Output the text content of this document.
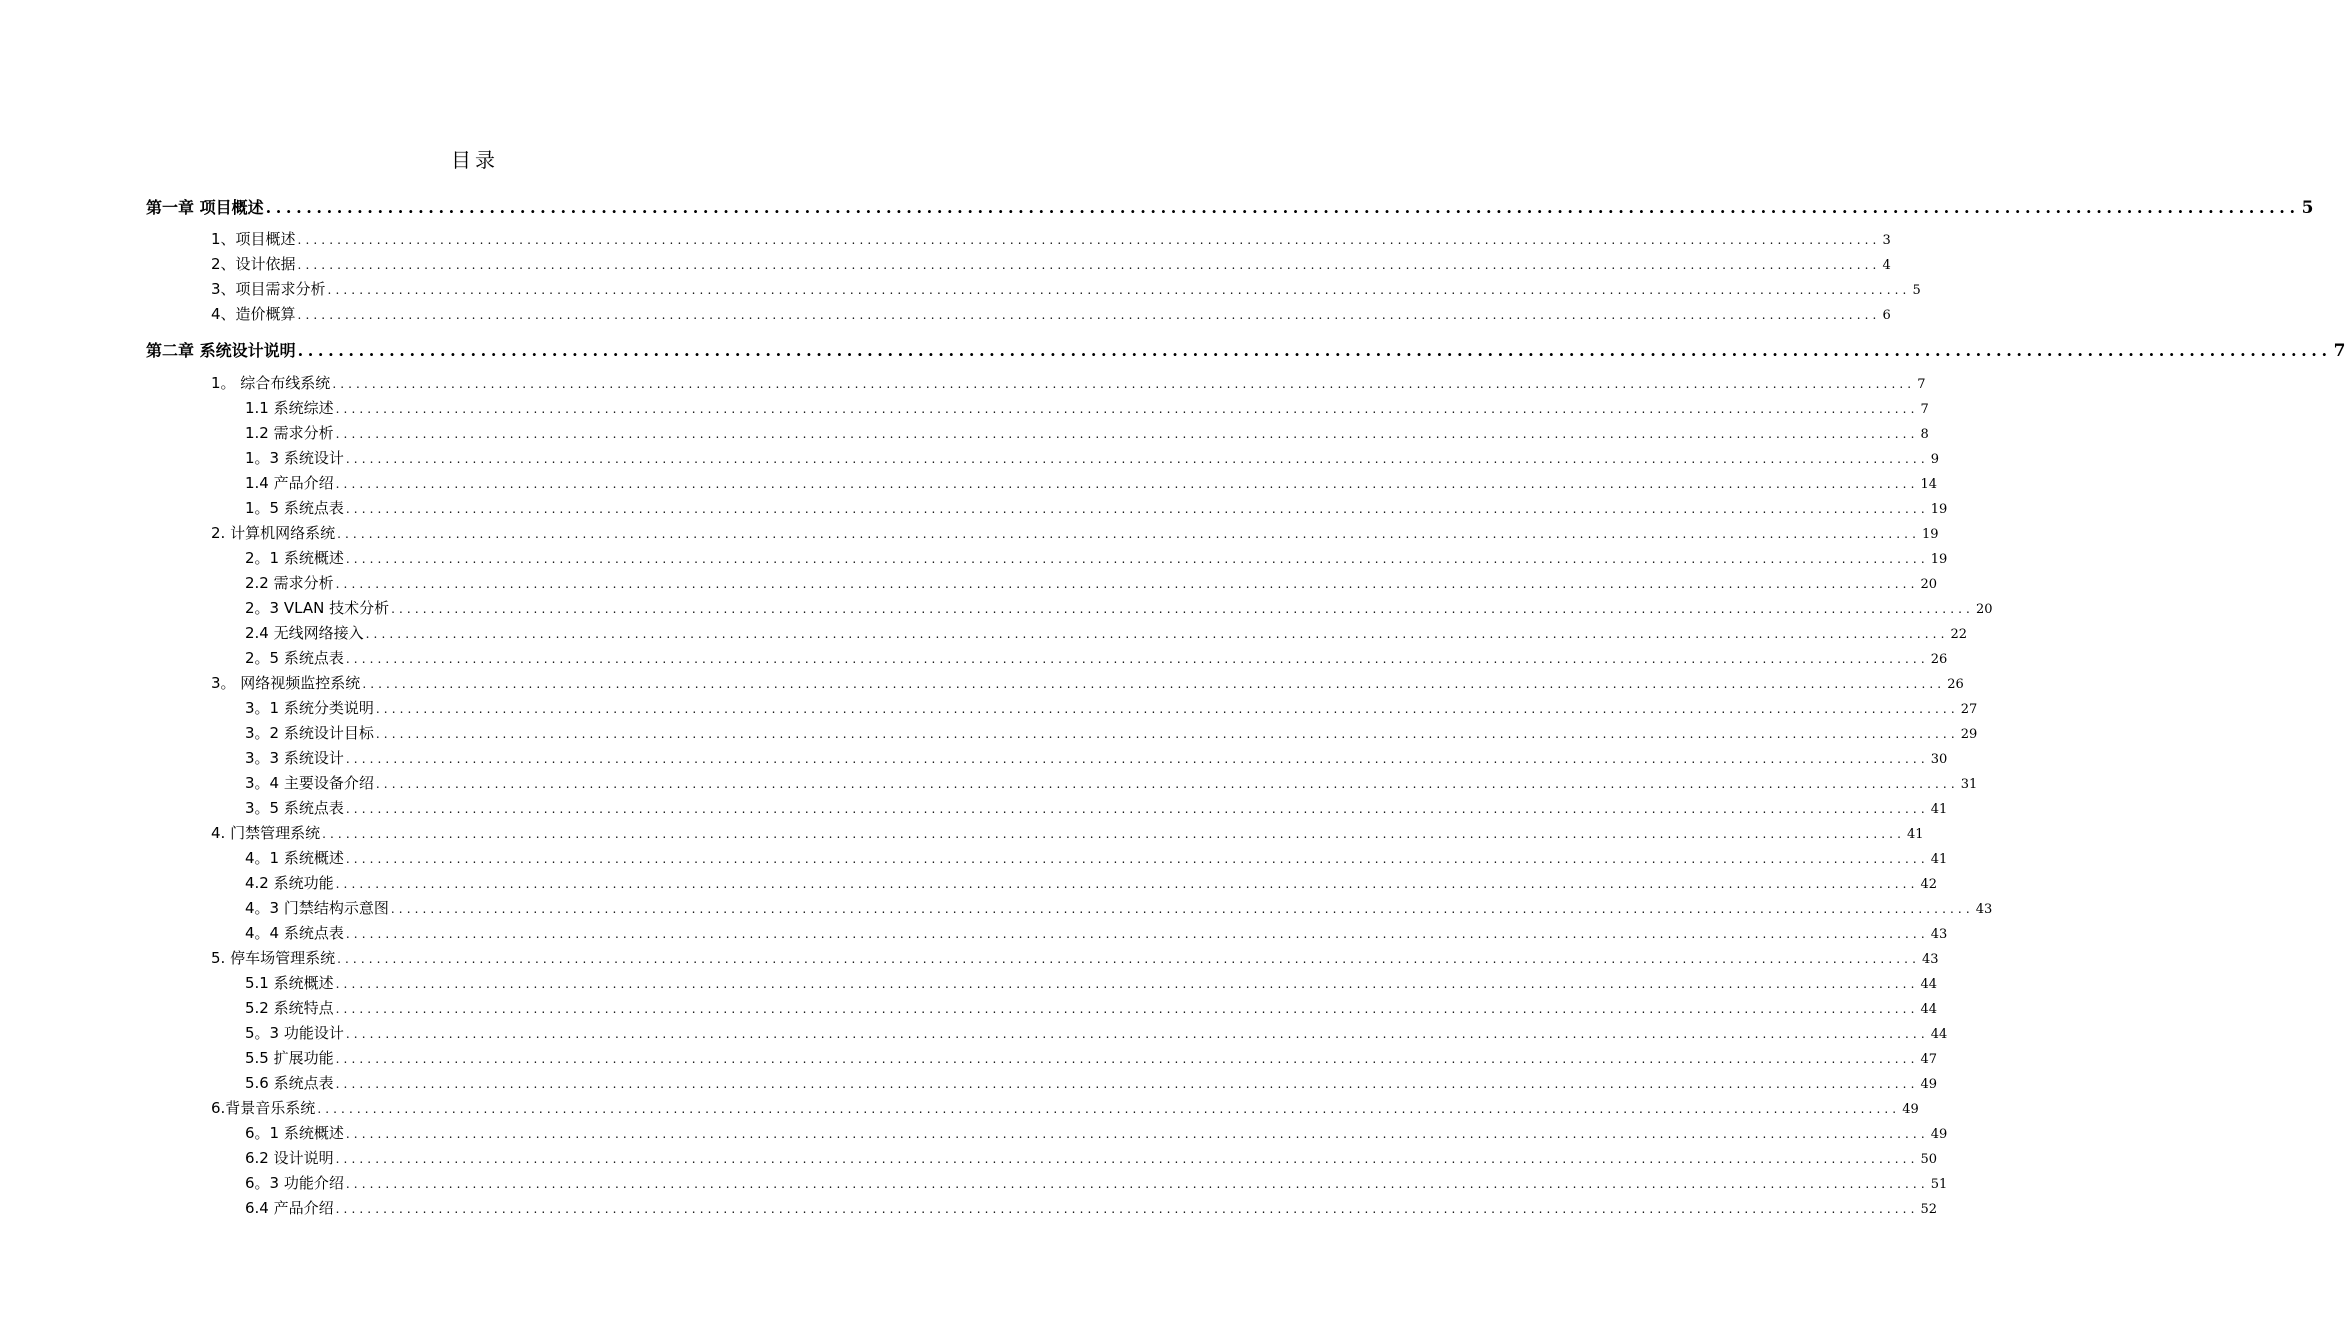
目录
第一章 项目概述 ........................................................................................................................................................................................................ 5
1、项目概述 ........................................................................................................................................................................................................ 3
2、设计依据 ........................................................................................................................................................................................................ 4
3、项目需求分析 ........................................................................................................................................................................................................ 5
4、造价概算 ........................................................................................................................................................................................................ 6
第二章 系统设计说明 ........................................................................................................................................................................................................ 7
1。 综合布线系统 ........................................................................................................................................................................................................ 7
1.1 系统综述 ........................................................................................................................................................................................................ 7
1.2 需求分析 ........................................................................................................................................................................................................ 8
1。3 系统设计 ........................................................................................................................................................................................................ 9
1.4 产品介绍 ........................................................................................................................................................................................................ 14
1。5 系统点表 ........................................................................................................................................................................................................ 19
2. 计算机网络系统 ........................................................................................................................................................................................................ 19
2。1 系统概述 ........................................................................................................................................................................................................ 19
2.2 需求分析 ........................................................................................................................................................................................................ 20
2。3 VLAN 技术分析 ........................................................................................................................................................................................................ 20
2.4 无线网络接入 ........................................................................................................................................................................................................ 22
2。5 系统点表 ........................................................................................................................................................................................................ 26
3。 网络视频监控系统 ........................................................................................................................................................................................................ 26
3。1 系统分类说明 ........................................................................................................................................................................................................ 27
3。2 系统设计目标 ........................................................................................................................................................................................................ 29
3。3 系统设计 ........................................................................................................................................................................................................ 30
3。4 主要设备介绍 ........................................................................................................................................................................................................ 31
3。5 系统点表 ........................................................................................................................................................................................................ 41
4. 门禁管理系统 ........................................................................................................................................................................................................ 41
4。1 系统概述 ........................................................................................................................................................................................................ 41
4.2 系统功能 ........................................................................................................................................................................................................ 42
4。3 门禁结构示意图 ........................................................................................................................................................................................................ 43
4。4 系统点表 ........................................................................................................................................................................................................ 43
5. 停车场管理系统 ........................................................................................................................................................................................................ 43
5.1 系统概述 ........................................................................................................................................................................................................ 44
5.2 系统特点 ........................................................................................................................................................................................................ 44
5。3 功能设计 ........................................................................................................................................................................................................ 44
5.5 扩展功能 ........................................................................................................................................................................................................ 47
5.6 系统点表 ........................................................................................................................................................................................................ 49
6.背景音乐系统 ........................................................................................................................................................................................................ 49
6。1 系统概述 ........................................................................................................................................................................................................ 49
6.2 设计说明 ........................................................................................................................................................................................................ 50
6。3 功能介绍 ........................................................................................................................................................................................................ 51
6.4 产品介绍 ........................................................................................................................................................................................................ 52
